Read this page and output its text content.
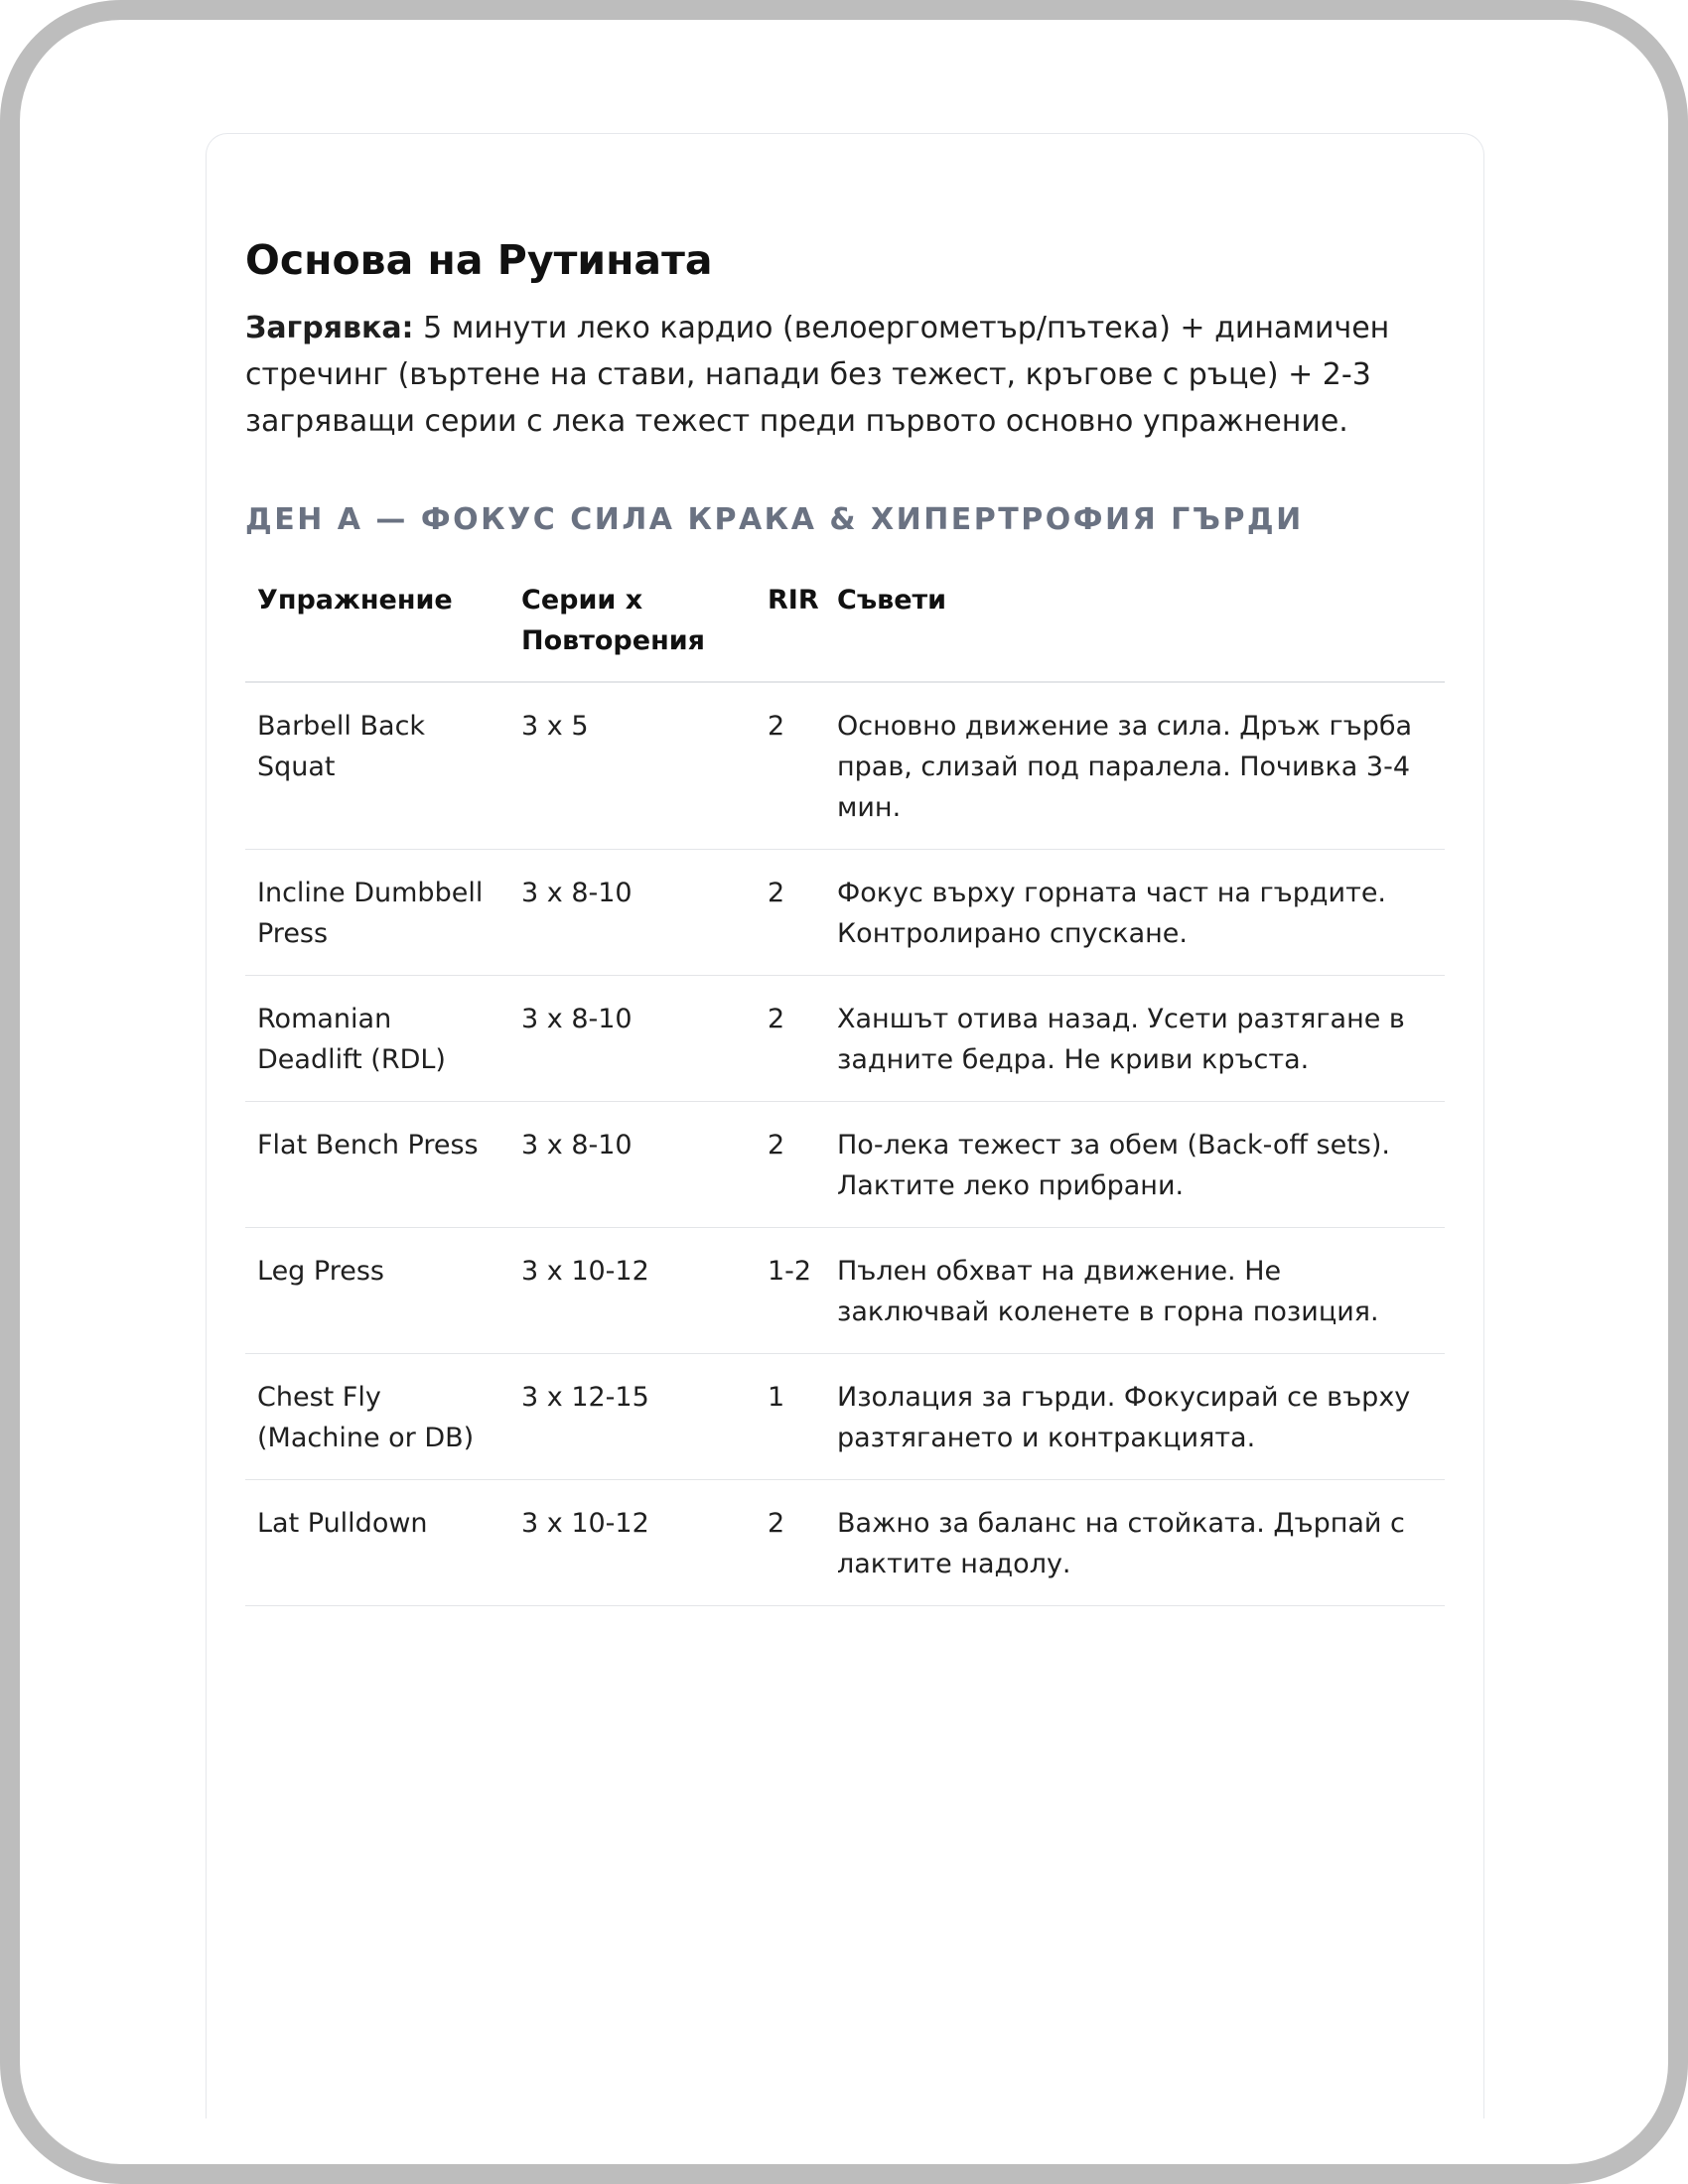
Основа на Рутината

Загрявка: 5 минути леко кардио (велоергометър/пътека) + динамичен стречинг (въртене на стави, напади без тежест, кръгове с ръце) + 2-3 загряващи серии с лека тежест преди първото основно упражнение.

ДЕН А — ФОКУС СИЛА КРАКА & ХИПЕРТРОФИЯ ГЪРДИ
Упражнение	Серии x Повторения	RIR	Съвети
Barbell Back Squat	3 x 5	2	Основно движение за сила. Дръж гърба прав, слизай под паралела. Почивка 3-4 мин.
Incline Dumbbell Press	3 x 8-10	2	Фокус върху горната част на гърдите. Контролирано спускане.
Romanian Deadlift (RDL)	3 x 8-10	2	Ханшът отива назад. Усети разтягане в задните бедра. Не криви кръста.
Flat Bench Press	3 x 8-10	2	По-лека тежест за обем (Back-off sets). Лактите леко прибрани.
Leg Press	3 x 10-12	1-2	Пълен обхват на движение. Не заключвай коленете в горна позиция.
Chest Fly (Machine or DB)	3 x 12-15	1	Изолация за гърди. Фокусирай се върху разтягането и контракцията.
Lat Pulldown	3 x 10-12	2	Важно за баланс на стойката. Дърпай с лактите надолу.
